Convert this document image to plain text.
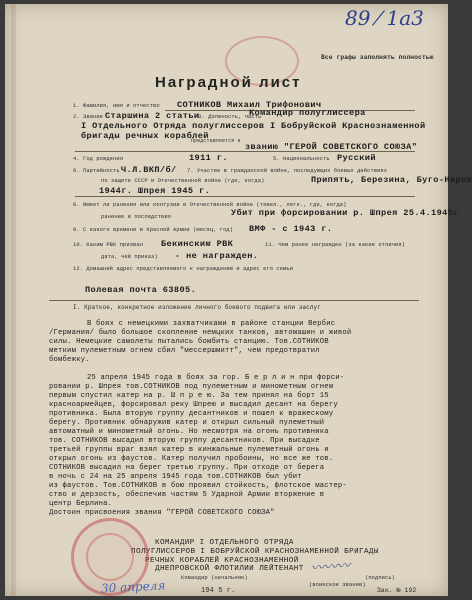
89 ⁄ 1а3
Все графы заполнять полностью
Наградной лист
1. Фамилия, имя и отчество СОТНИКОВ Михаил Трифонович
2. Звание Старшина 2 статьи
3. Должность, часть
Командир полуглиссера
I Отдельного Отряда полуглиссеров I Бобруйской Краснознаменной
бригады речных кораблей
Представляется к
званию "ГЕРОЙ СОВЕТСКОГО СОЮЗА"
4. Год рождения	1911 г.	5. Национальность Русский
6. Партийность Ч.Л.ВКП/б/ 7. Участие в гражданской войне, последующих боевых действиях
по защите СССР и Отечественной войне (где, когда)	Припять, Березина, Буго-Нарев
1944г. Шпрея 1945 г.
8. Имеет ли ранения или контузии в Отечественной войне (тяжел., легк., где, когда)
ранение и последствия	Убит при форсировании р. Шпрея 25.4.1945г
9. С какого времени в Красной Армии (месяц, год) ВМФ - с 1943 г.
10. Каким РВК призван Бекинским РВК	11. Чем ранее награжден (за какие отличия)
дата, чей приказ) - не награжден.
12. Домашний адрес представляемого к награждению и адрес его семьи
Полевая почта 63805.
I. Краткое, конкретное изложение личного боевого подвига или заслуг
В боях с немецкими захватчиками в районе станции Вербис
/Германия/ было большое скопление немцких танков, автомашин и живой
силы. Немецкие самолеты пытались бомбить станцию. Тов.СОТНИКОВ
метким пулеметным огнем сбил "мессершмитт", чем предотвратил
бомбежку.
25 апреля 1945 года в боях за гор. Б е р л и н при форси-
ровании р. Шпрея тов.СОТНИКОВ под пулеметным и минометным огнем
первым спустил катер на р. Ш п р е ю. За тем принял на борт 15
красноармейцев, форсировал реку Шпрею и высадил десант на берегу
противника. Была вторую группу десантников и пошел к вражескому
берегу. Противник обнаружив катер и открыл сильный пулеметный
автоматный и минометный огонь. Но несмотря на огонь противника
тов. СОТНИКОВ высадил вторую группу десантников. При высадке
третьей группы враг взял катер в кинжальные пулеметный огонь и
открыл огонь из фаустов. Катер получил пробоины, но все же тов.
СОТНИКОВ высадил на берег третью группу. При отходе от берега
в ночь с 24 на 25 апреля 1945 года тов.СОТНИКОВ был убит
из фаустов. Тов.СОТНИКОВ в бою проявил стойкость, флотское мастер-
ство и дерзость, обеспечив частям 5 Ударной Армии вторжение в
центр Берлина.
Достоин присвоения звания "ГЕРОЙ СОВЕТСКОГО СОЮЗА"
КОМАНДИР I ОТДЕЛЬНОГО ОТРЯДА
ПОЛУГЛИССЕРОВ I БОБРУЙСКОЙ КРАСНОЗНАМЕННОЙ БРИГАДЫ
РЕЧНЫХ КОРАБЛЕЙ КРАСНОЗНАМЕННОЙ
ДНЕПРОВСКОЙ ФЛОТИЛИИ ЛЕЙТЕНАНТ
Командир (начальник)	(подпись)
(воинское звание)
〰〰〰
30 апреля	194 5 г.	Зак. № 192
